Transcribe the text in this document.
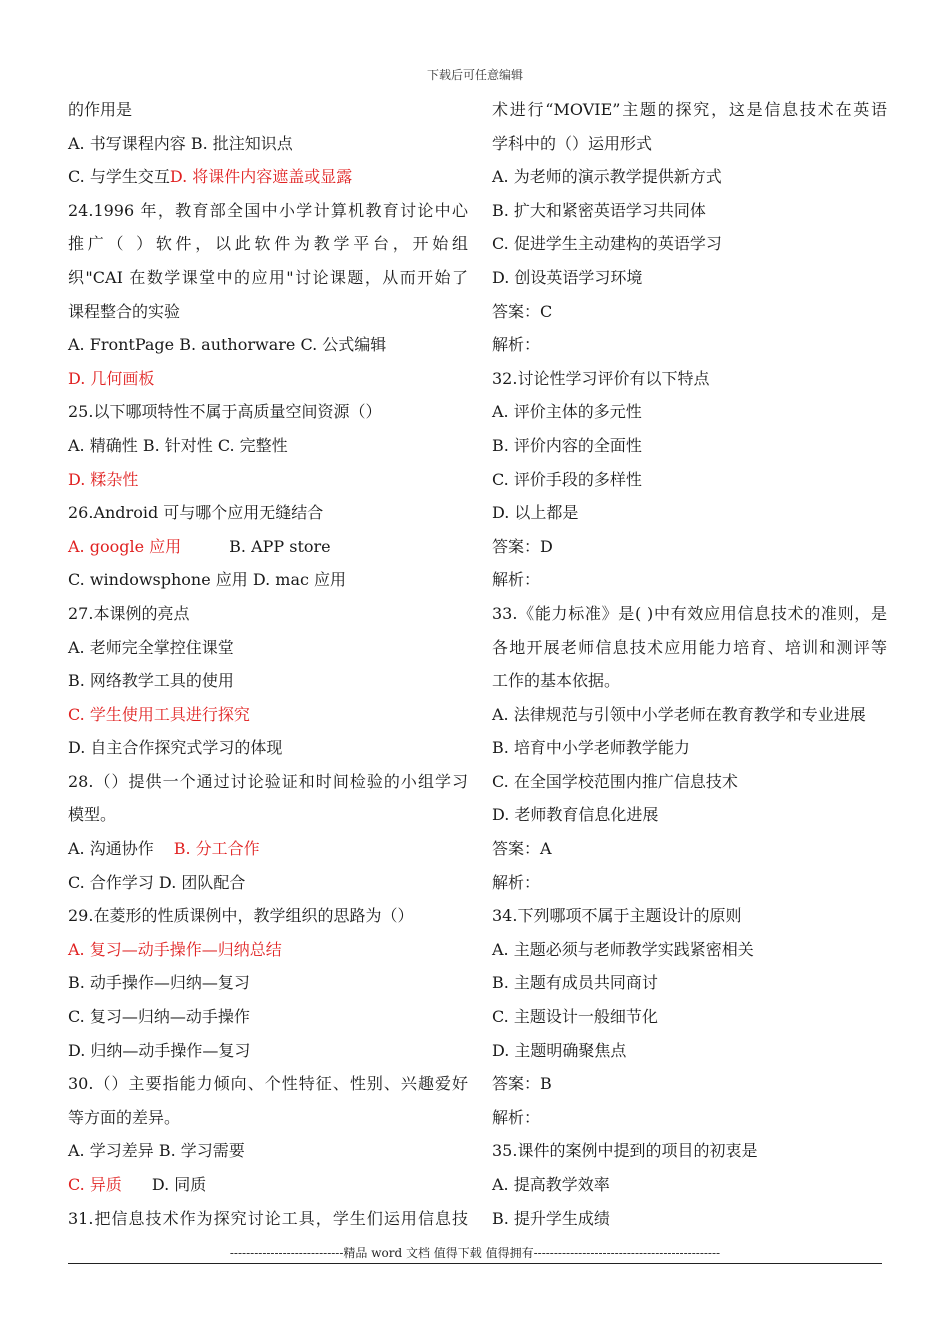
下载后可任意编辑
的作用是
A. 书写课程内容 B. 批注知识点
C. 与学生交互D. 将课件内容遮盖或显露
24.1996 年，教育部全国中小学计算机教育讨论中心
推广（ ）软件，以此软件为教学平台，开始组
织"CAI 在数学课堂中的应用"讨论课题，从而开始了
课程整合的实验
A. FrontPage B. authorware C. 公式编辑
D. 几何画板
25.以下哪项特性不属于高质量空间资源（）
A. 精确性 B. 针对性 C. 完整性
D. 糅杂性
26.Android 可与哪个应用无缝结合
A. google 应用	B. APP store
C. windowsphone 应用 D. mac 应用
27.本课例的亮点
A. 老师完全掌控住课堂
B. 网络教学工具的使用
C. 学生使用工具进行探究
D. 自主合作探究式学习的体现
28.（）提供一个通过讨论验证和时间检验的小组学习
模型。
A. 沟通协作 B. 分工合作
C. 合作学习 D. 团队配合
29.在菱形的性质课例中，教学组织的思路为（）
A. 复习—动手操作—归纳总结
B. 动手操作—归纳—复习
C. 复习—归纳—动手操作
D. 归纳—动手操作—复习
30.（）主要指能力倾向、个性特征、性别、兴趣爱好
等方面的差异。
A. 学习差异 B. 学习需要
C. 异质 D. 同质
31.把信息技术作为探究讨论工具，学生们运用信息技
术进行“MOVIE”主题的探究，这是信息技术在英语
学科中的（）运用形式
A. 为老师的演示教学提供新方式
B. 扩大和紧密英语学习共同体
C. 促进学生主动建构的英语学习
D. 创设英语学习环境
答案：C
解析：
32.讨论性学习评价有以下特点
A. 评价主体的多元性
B. 评价内容的全面性
C. 评价手段的多样性
D. 以上都是
答案：D
解析：
33.《能力标准》是( )中有效应用信息技术的准则，是
各地开展老师信息技术应用能力培育、培训和测评等
工作的基本依据。
A. 法律规范与引领中小学老师在教育教学和专业进展
B. 培育中小学老师教学能力
C. 在全国学校范围内推广信息技术
D. 老师教育信息化进展
答案：A
解析：
34.下列哪项不属于主题设计的原则
A. 主题必须与老师教学实践紧密相关
B. 主题有成员共同商讨
C. 主题设计一般细节化
D. 主题明确聚焦点
答案：B
解析：
35.课件的案例中提到的项目的初衷是
A. 提高教学效率
B. 提升学生成绩
----------------------------精品 word 文档 值得下载 值得拥有----------------------------------------------
